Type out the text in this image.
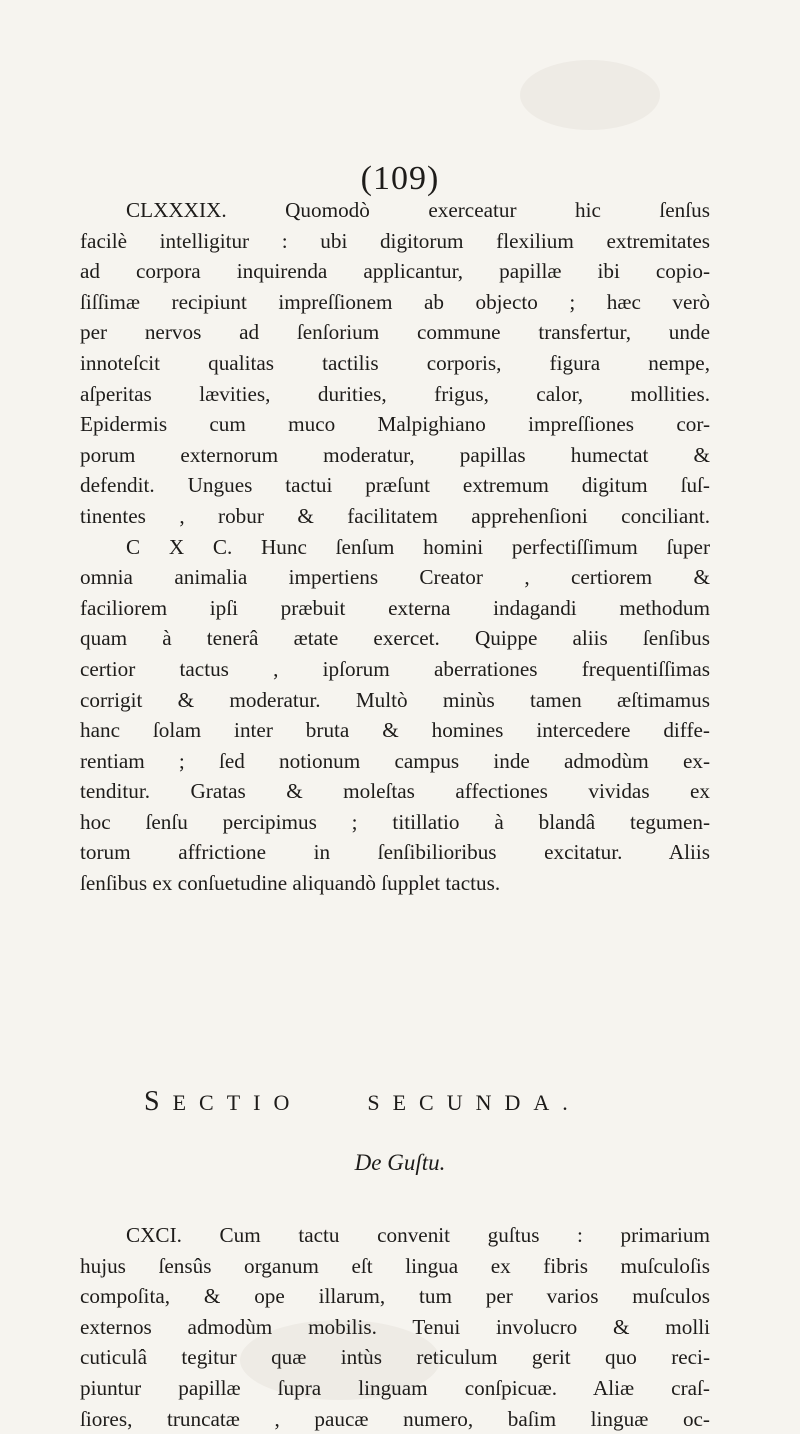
(109)
CLXXXIX. Quomodò exerceatur hic ſenſus
facilè intelligitur : ubi digitorum flexilium extremitates
ad corpora inquirenda applicantur, papillæ ibi copio-
ſiſſimæ recipiunt impreſſionem ab objecto ; hæc verò
per nervos ad ſenſorium commune transfertur, unde
innoteſcit qualitas tactilis corporis, figura nempe,
aſperitas lævities, durities, frigus, calor, mollities.
Epidermis cum muco Malpighiano impreſſiones cor-
porum externorum moderatur, papillas humectat &
defendit. Ungues tactui præſunt extremum digitum ſuſ-
tinentes , robur & facilitatem apprehenſioni conciliant.
C X C. Hunc ſenſum homini perfectiſſimum ſuper
omnia animalia impertiens Creator , certiorem &
faciliorem ipſi præbuit externa indagandi methodum
quam à tenerâ ætate exercet. Quippe aliis ſenſibus
certior tactus , ipſorum aberrationes frequentiſſimas
corrigit & moderatur. Multò minùs tamen æſtimamus
hanc ſolam inter bruta & homines intercedere diffe-
rentiam ; ſed notionum campus inde admodùm ex-
tenditur. Gratas & moleſtas affectiones vividas ex
hoc ſenſu percipimus ; titillatio à blandâ tegumen-
torum affrictione in ſenſibilioribus excitatur. Aliis
ſenſibus ex conſuetudine aliquandò ſupplet tactus.
SECTIO	SECUNDA.
De Guſtu.
CXCI. Cum tactu convenit guſtus : primarium
hujus ſensûs organum eſt lingua ex fibris muſculoſis
compoſita, & ope illarum, tum per varios muſculos
externos admodùm mobilis. Tenui involucro & molli
cuticulâ tegitur quæ intùs reticulum gerit quo reci-
piuntur papillæ ſupra linguam conſpicuæ. Aliæ craſ-
ſiores, truncatæ , paucæ numero, baſim linguæ oc-
